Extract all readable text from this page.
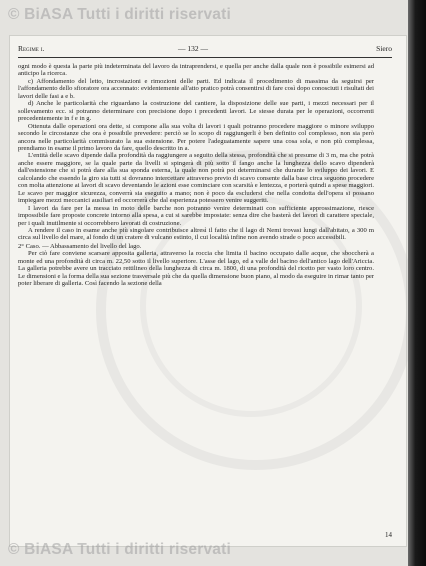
© BiASA Tutti i diritti riservati
Regime i.	— 132 —	Siero

ogni modo è questa la parte più indeterminata del lavoro da intraprendersi, e quella per anche dalla quale non è possibile esimersi ad anticipo la ricerca.

c) Affondamento del letto, incrostazioni e rimozioni delle parti. Ed indicata il procedimento di massima da seguirsi per l'affondamento dello sfioratore ora accennato: evidentemente all'atto pratico potrà consentirsi di fare così dopo conosciuti i risultati dei lavori delle fasi a e b.

d) Anche le particolarità che riguardano la costruzione del cantiere, la disposizione delle sue parti, i mezzi necessari per il sollevamento ecc. si potranno determinare con precisione dopo i precedenti lavori. Le stesse durata per le operazioni, occorrenti precedentemente in f e in g.

Ottenuta dalle operazioni ora dette, si compone alla sua volta di lavori i quali potranno procedere maggiore o minore sviluppo secondo le circostanze che ora è possibile prevedere: perciò se lo scopo di raggiungerli è ben definito col complesso, non sia però ancora nelle particolarità commisurato la sua estensione. Per potere l'adeguatamente sapere una cosa sola, e non più complessa, prendiamo in esame il primo lavoro da fare, quello descritto in a.

L'entità delle scavo dipende dalla profondità da raggiungere a seguito della stessa, profondità che si presume di 3 m, ma che potrà anche essere maggiore, se la quale parte da livelli si spingerà di più sotto il fango anche la lunghezza dello scavo dipenderà dall'estensione che si potrà dare alla sua sponda esterna, la quale non potrà poi determinarsi che durante lo sviluppo dei lavori. E calcolando che essendo la giro sia tutti si dovranno intercettare attraverso previo di scavo consente dalla base circa seguono procedere con molta attenzione ai lavori di scavo deventando le azioni esse cominciare con scarsità e lentezza, e porterà quindi a spese maggiori. Le scavo per maggior sicurezza, converrà sia eseguito a mano; non è poco da escludersi che nella condotta dell'opera si possano impiegare mezzi meccanici ausiliari ed occorrerà che dal esperienza potessero venire suggeriti.

I lavori da fare per la messa in moto delle barche non potranno venire determinati con sufficiente approssimazione, riesce impossibile fare proposte concrete intorno alla spesa, a cui si sarebbe impostate: senza dire che basterà dei lavori di carattere speciale, per i quali inutilmente si occorrebbero lavorati di costruzione.

A rendere il caso in esame anche più singolare contribuisce altresì il fatto che il lago di Nemi trovasi lungi dall'abitato, a 300 m circa sul livello del mare, al fondo di un cratere di vulcano estinto, il cui località infine non avendo strade o poco accessibili.

2° Caso. — Abbassamento del livello del lago.

Per ciò fare conviene scarsare apposita galleria, attraverso la roccia che limita il bacino occupato dalle acque, che sboccherà a monte ed una profondità di circa m. 22,50 sotto il livello superiore. L'asse del lago, ed a valle del bacino dell'antico lago dell'Ariccia. La galleria potrebbe avere un tracciato rettilineo della lunghezza di circa m. 1800, di una profondità del ricetto per vasto loro centro. Le dimensioni e la forma della sua sezione trasversale più che da quella dimensione buon piano, al modo da eseguire in rimar tanto per poter liberare di galleria. Così facendo la sezione della

14
© BiASA Tutti i diritti riservati
